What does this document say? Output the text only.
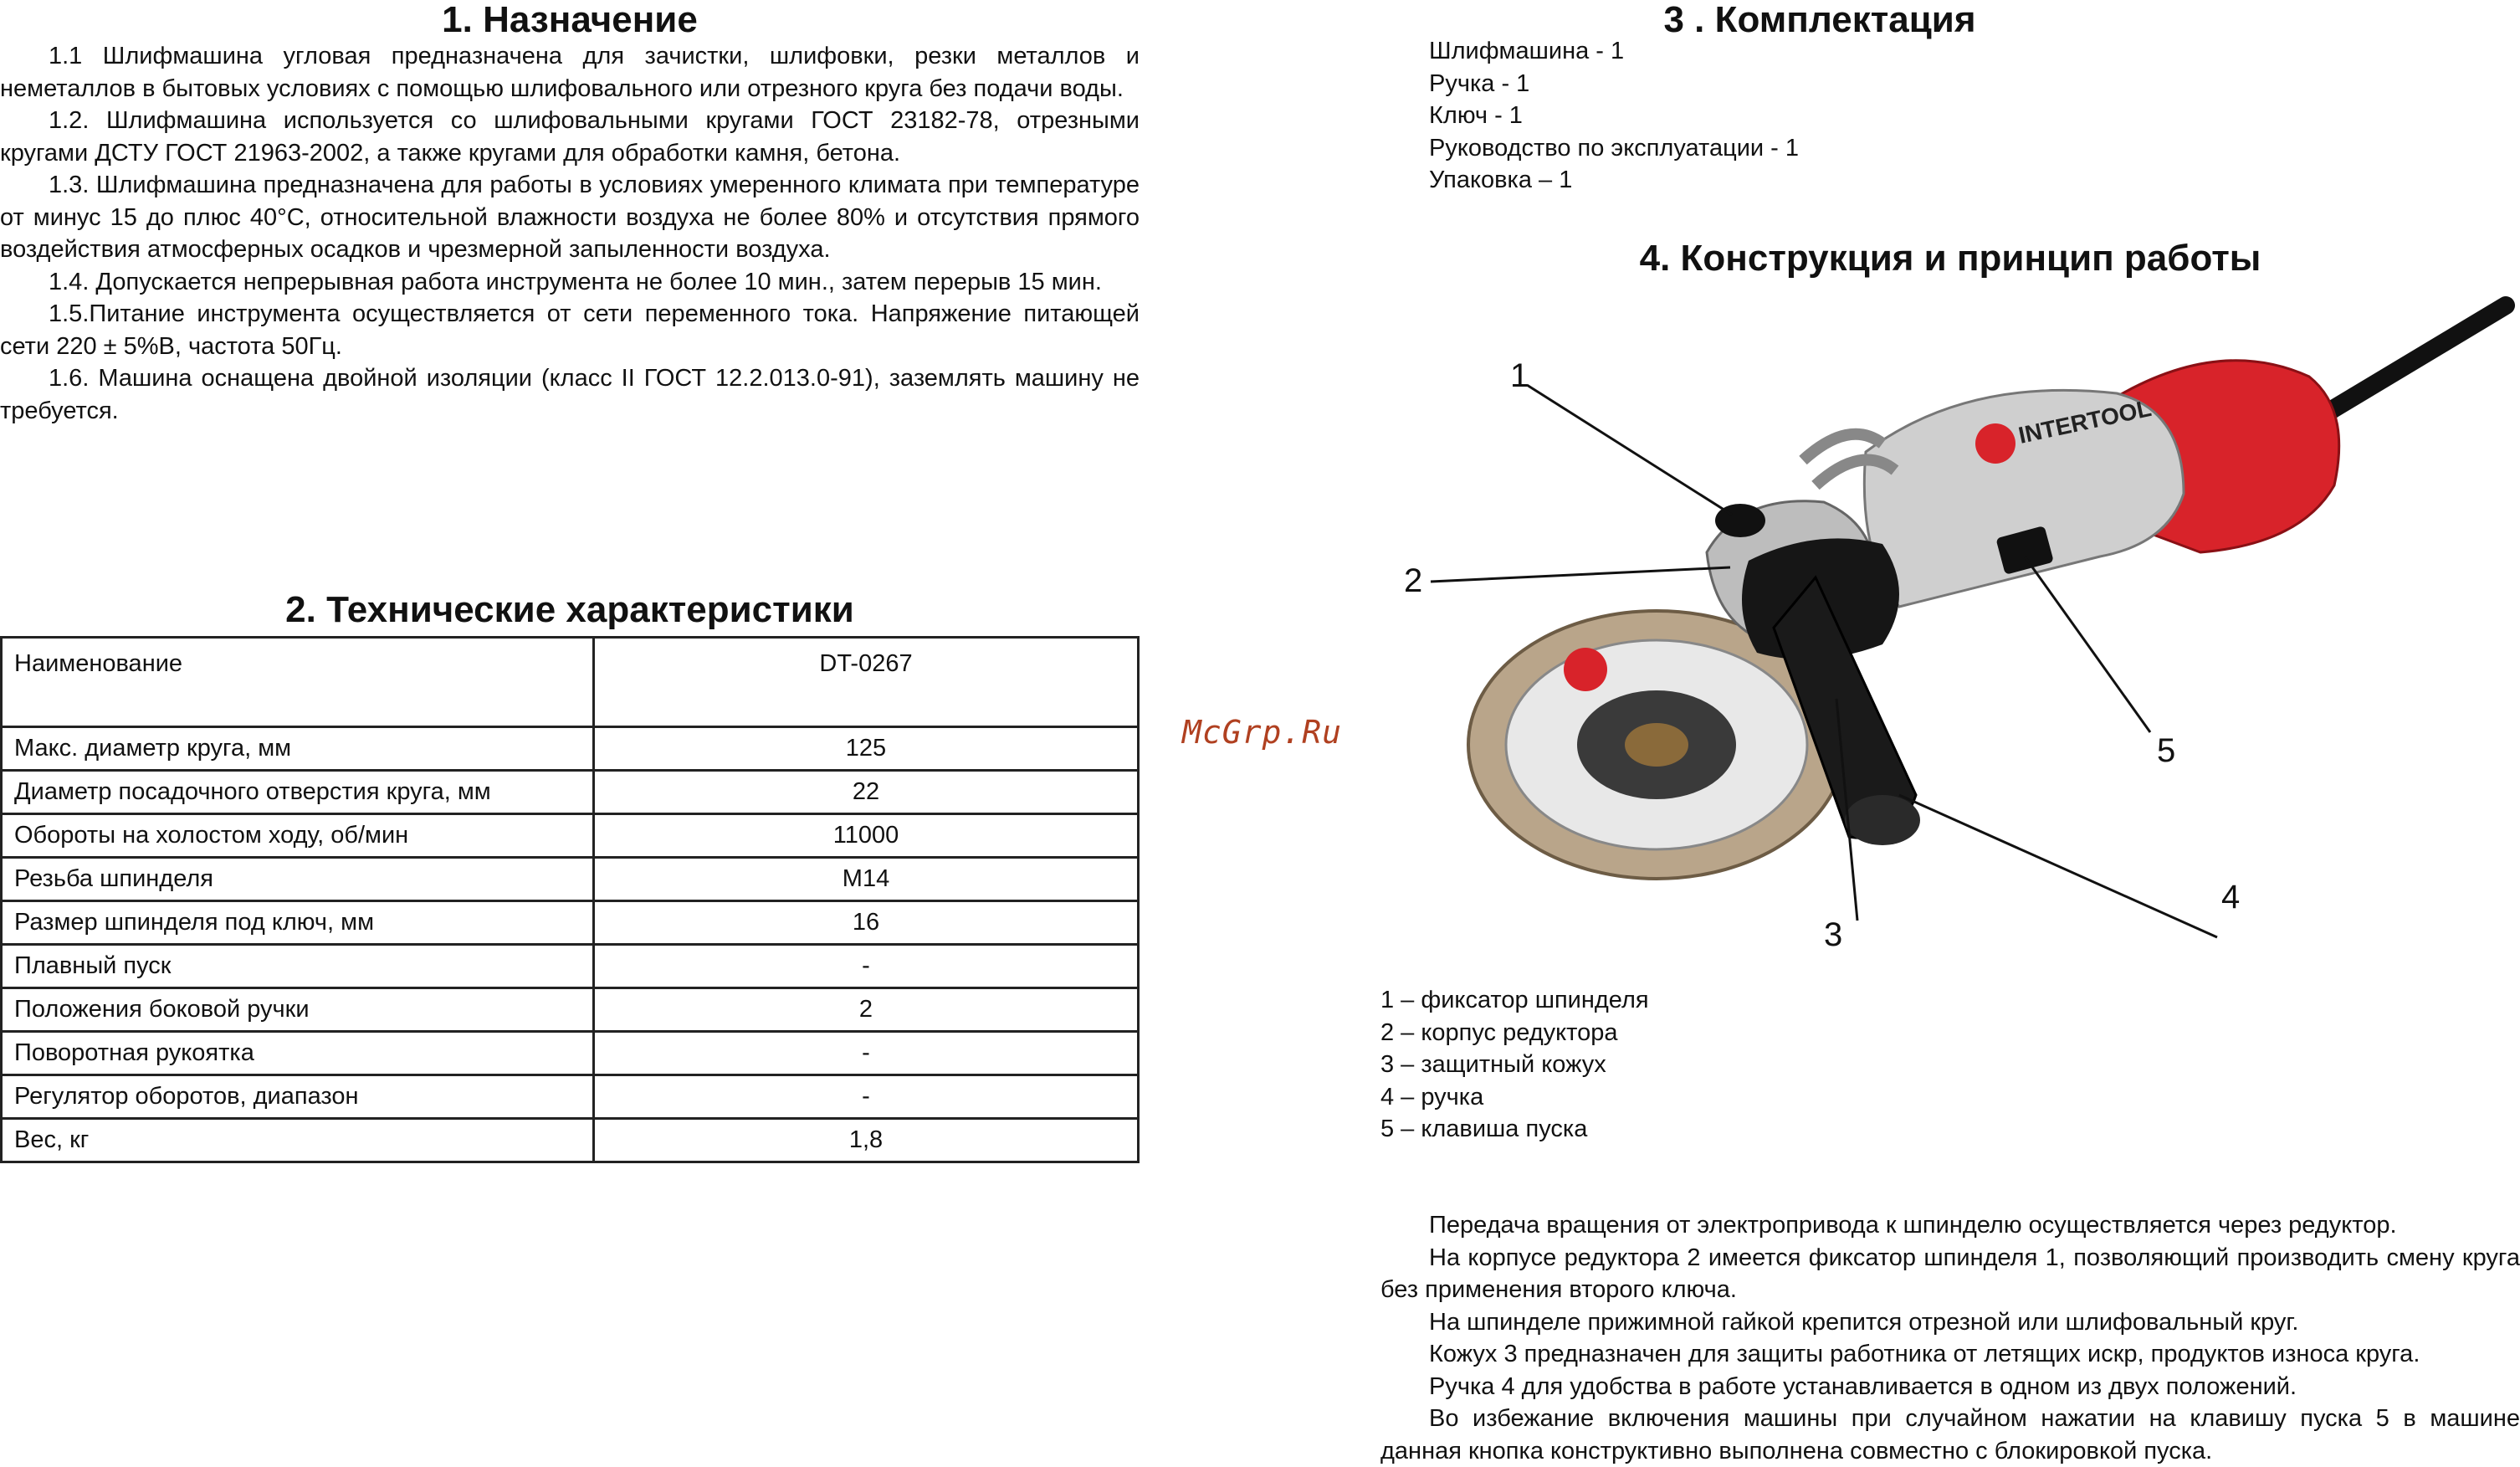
1. Назначение

1.1 Шлифмашина угловая предназначена для зачистки, шлифовки, резки металлов и неметаллов в бытовых условиях с помощью шлифовального или отрезного круга без подачи воды.

1.2. Шлифмашина используется со шлифовальными кругами ГОСТ 23182-78, отрезными кругами ДСТУ ГОСТ 21963-2002, а также кругами для обработки камня, бетона.

1.3. Шлифмашина предназначена для работы в условиях умеренного климата при температуре от минус 15 до плюс 40°С, относительной влажности воздуха не более 80% и отсутствия прямого воздействия атмосферных осадков и чрезмерной запыленности воздуха.

1.4. Допускается непрерывная работа инструмента не более 10 мин., затем перерыв 15 мин.

1.5.Питание инструмента осуществляется от сети переменного тока. Напряжение питающей сети 220 ± 5%В, частота 50Гц.

1.6. Машина оснащена двойной изоляции (класс II ГОСТ 12.2.013.0-91), заземлять машину не требуется.

2. Технические характеристики
Наименование	DT-0267
Макс. диаметр круга, мм	125
Диаметр посадочного отверстия круга, мм	22
Обороты на холостом ходу, об/мин	11000
Резьба шпинделя	М14
Размер шпинделя под ключ, мм	16
Плавный пуск	-
Положения боковой ручки	2
Поворотная рукоятка	-
Регулятор оборотов, диапазон	-
Вес, кг	1,8
McGrp.Ru
3 . Комплектация
Шлифмашина - 1
Ручка - 1
Ключ - 1
Руководство по эксплуатации - 1
Упаковка – 1
4. Конструкция и принцип работы
INTERTOOL
1
2
3
4
5
1 – фиксатор шпинделя
2 – корпус редуктора
3 – защитный кожух
4 – ручка
5 – клавиша пуска

Передача вращения от электропривода к шпинделю осуществляется через редуктор.

На корпусе редуктора 2 имеется фиксатор шпинделя 1, позволяющий производить смену круга без применения второго ключа.

На шпинделе прижимной гайкой крепится отрезной или шлифовальный круг.

Кожух 3 предназначен для защиты работника от летящих искр, продуктов износа круга.

Ручка 4 для удобства в работе устанавливается в одном из двух положений.

Во избежание включения машины при случайном нажатии на клавишу пуска 5 в машине данная кнопка конструктивно выполнена совместно с блокировкой пуска.
